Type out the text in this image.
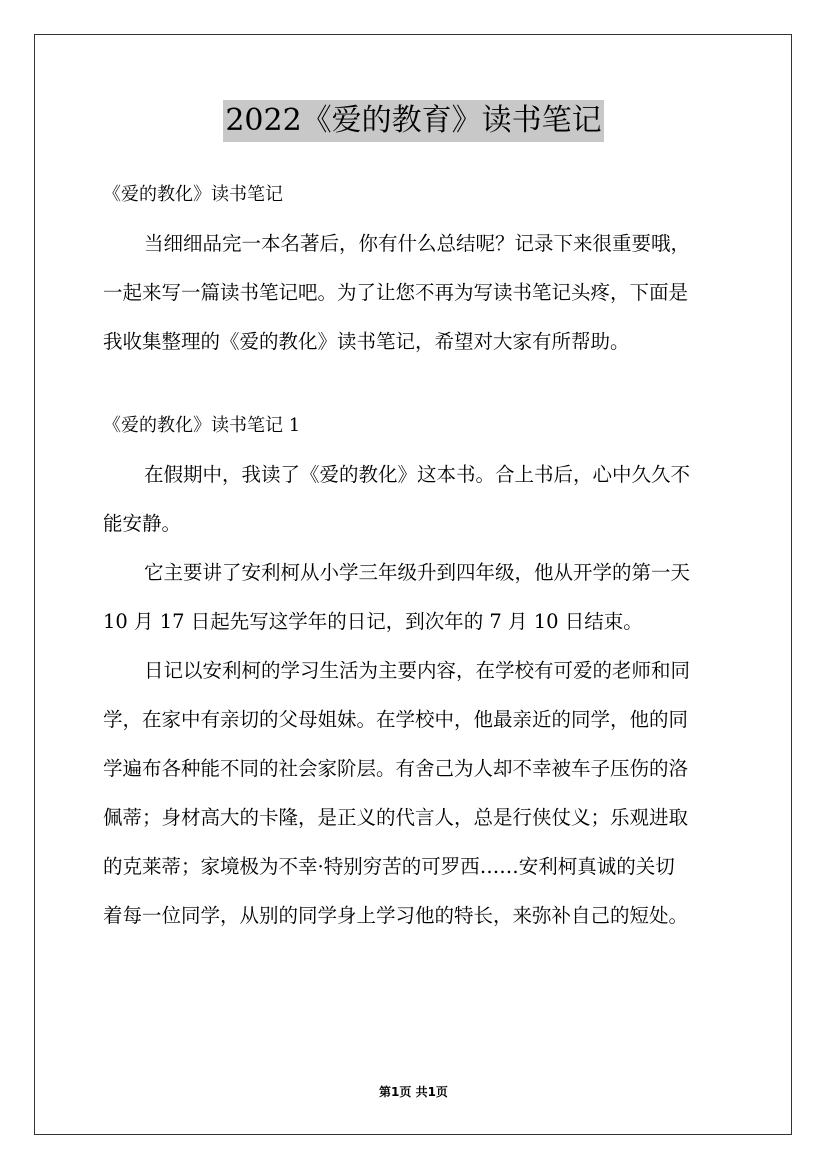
2022《爱的教育》读书笔记
《爱的教化》读书笔记
当细细品完一本名著后，你有什么总结呢？记录下来很重要哦，
一起来写一篇读书笔记吧。为了让您不再为写读书笔记头疼，下面是
我收集整理的《爱的教化》读书笔记，希望对大家有所帮助。
《爱的教化》读书笔记 1
在假期中，我读了《爱的教化》这本书。合上书后，心中久久不
能安静。
它主要讲了安利柯从小学三年级升到四年级，他从开学的第一天
10 月 17 日起先写这学年的日记，到次年的 7 月 10 日结束。
日记以安利柯的学习生活为主要内容，在学校有可爱的老师和同
学，在家中有亲切的父母姐妹。在学校中，他最亲近的同学，他的同
学遍布各种能不同的社会家阶层。有舍己为人却不幸被车子压伤的洛
佩蒂；身材高大的卡隆，是正义的代言人，总是行侠仗义；乐观进取
的克莱蒂；家境极为不幸·特别穷苦的可罗西……安利柯真诚的关切
着每一位同学，从别的同学身上学习他的特长，来弥补自己的短处。
第1页 共1页
